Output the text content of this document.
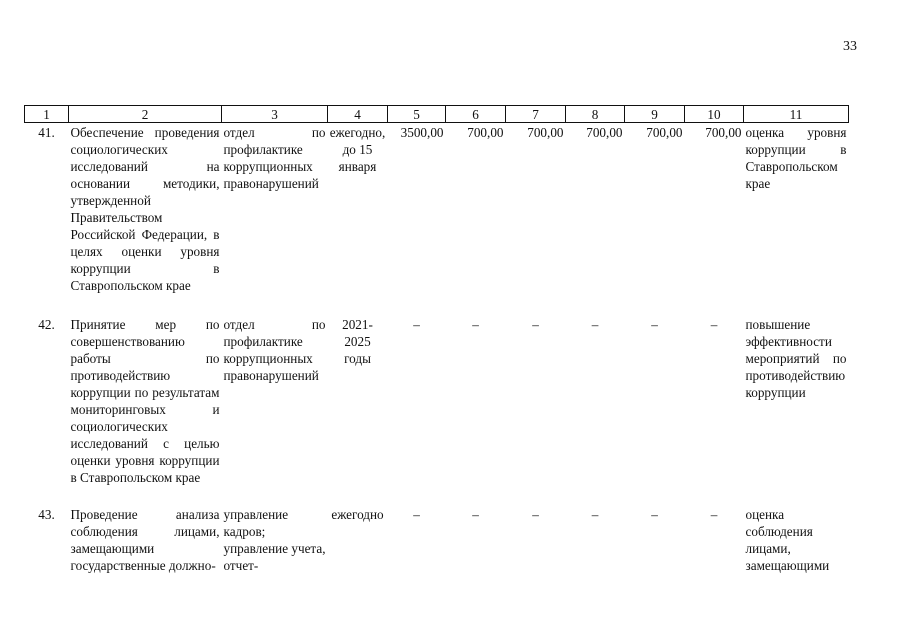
33
1	2	3	4	5	6	7	8	9	10	11
41.	Обеспечение проведения социологических исследований на основании методики, утвержденной Правительством Российской Федерации, в целях оценки уровня коррупции в Ставропольском крае	отдел по профилактике коррупционных правонарушений	ежегодно, до 15 января	3500,00	700,00	700,00	700,00	700,00	700,00	оценка уровня коррупции в Ставропольском крае
42.	Принятие мер по совершенствованию работы по противодействию коррупции по результатам мониторинговых и социологических исследований с целью оценки уровня коррупции в Ставропольском крае	отдел по профилактике коррупционных правонарушений	2021-2025 годы	–	–	–	–	–	–	повышение эффективности мероприятий по противодействию коррупции
43.	Проведение анализа соблюдения лицами, замещающими государственные должно-	управление кадров; управление учета, отчет-	ежегодно	–	–	–	–	–	–	оценка соблюдения лицами, замещающими
